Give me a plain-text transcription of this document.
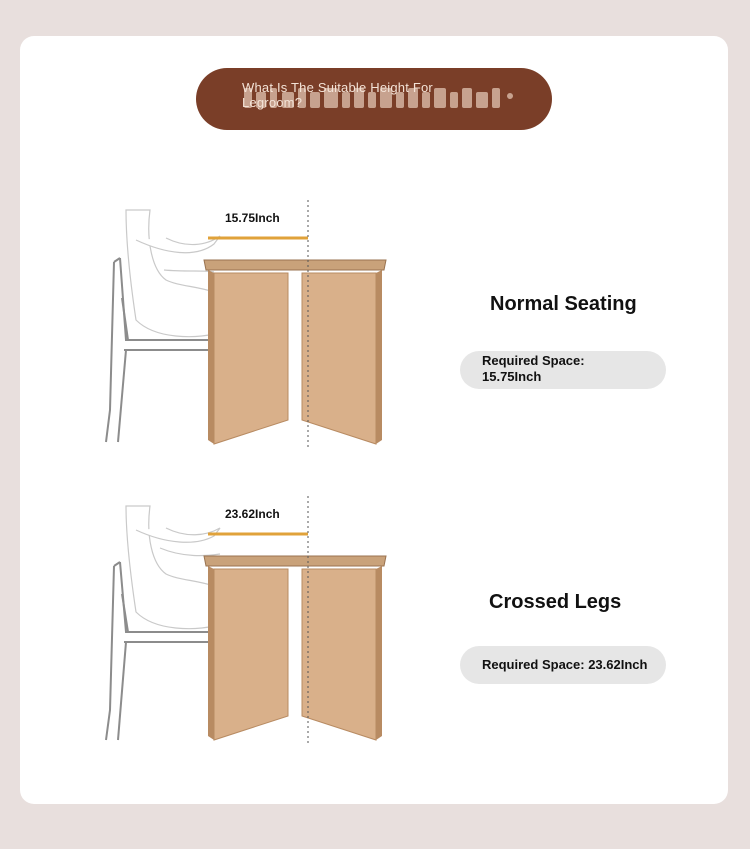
What Is The Suitable Height For Legroom?
15.75Inch
Normal Seating
Required Space:
15.75Inch
23.62Inch
Crossed Legs
Required Space: 23.62Inch
